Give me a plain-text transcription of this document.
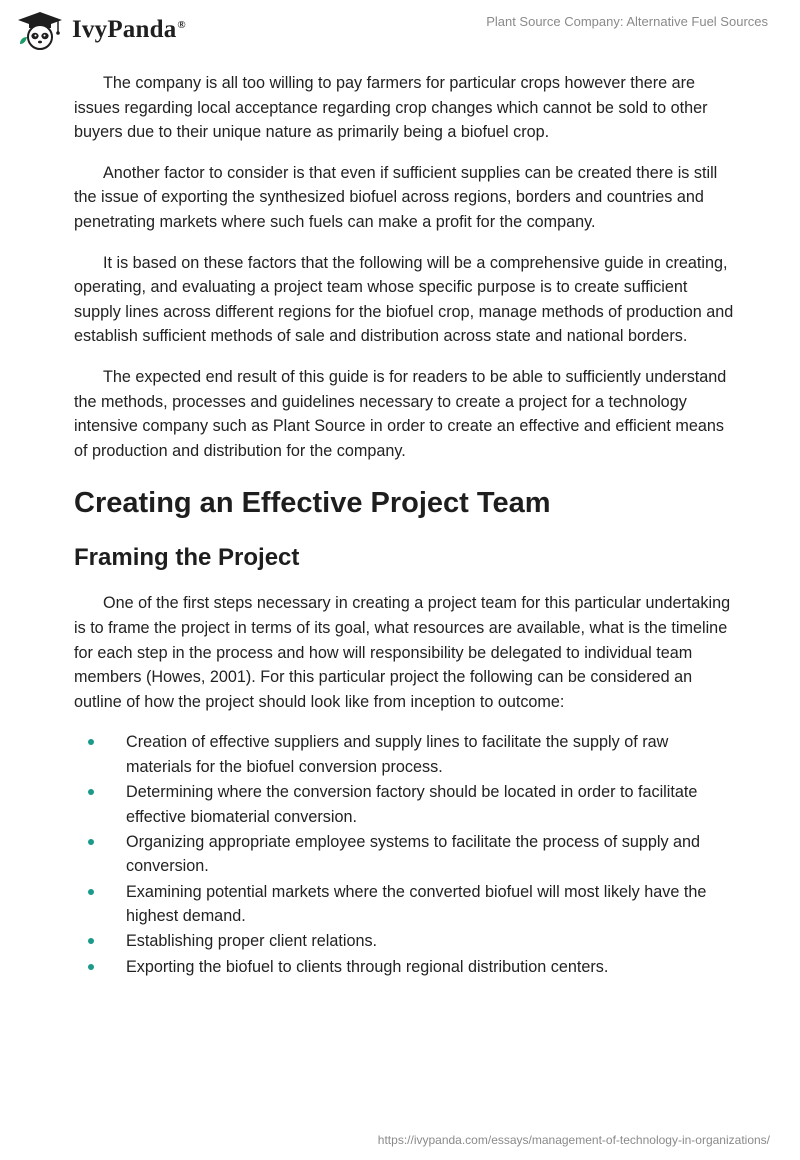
IvyPanda®	Plant Source Company: Alternative Fuel Sources

The company is all too willing to pay farmers for particular crops however there are issues regarding local acceptance regarding crop changes which cannot be sold to other buyers due to their unique nature as primarily being a biofuel crop.

Another factor to consider is that even if sufficient supplies can be created there is still the issue of exporting the synthesized biofuel across regions, borders and countries and penetrating markets where such fuels can make a profit for the company.

It is based on these factors that the following will be a comprehensive guide in creating, operating, and evaluating a project team whose specific purpose is to create sufficient supply lines across different regions for the biofuel crop, manage methods of production and establish sufficient methods of sale and distribution across state and national borders.

The expected end result of this guide is for readers to be able to sufficiently understand the methods, processes and guidelines necessary to create a project for a technology intensive company such as Plant Source in order to create an effective and efficient means of production and distribution for the company.

Creating an Effective Project Team
Framing the Project

One of the first steps necessary in creating a project team for this particular undertaking is to frame the project in terms of its goal, what resources are available, what is the timeline for each step in the process and how will responsibility be delegated to individual team members (Howes, 2001). For this particular project the following can be considered an outline of how the project should look like from inception to outcome:

Creation of effective suppliers and supply lines to facilitate the supply of raw materials for the biofuel conversion process.
Determining where the conversion factory should be located in order to facilitate effective biomaterial conversion.
Organizing appropriate employee systems to facilitate the process of supply and conversion.
Examining potential markets where the converted biofuel will most likely have the highest demand.
Establishing proper client relations.
Exporting the biofuel to clients through regional distribution centers.
https://ivypanda.com/essays/management-of-technology-in-organizations/
